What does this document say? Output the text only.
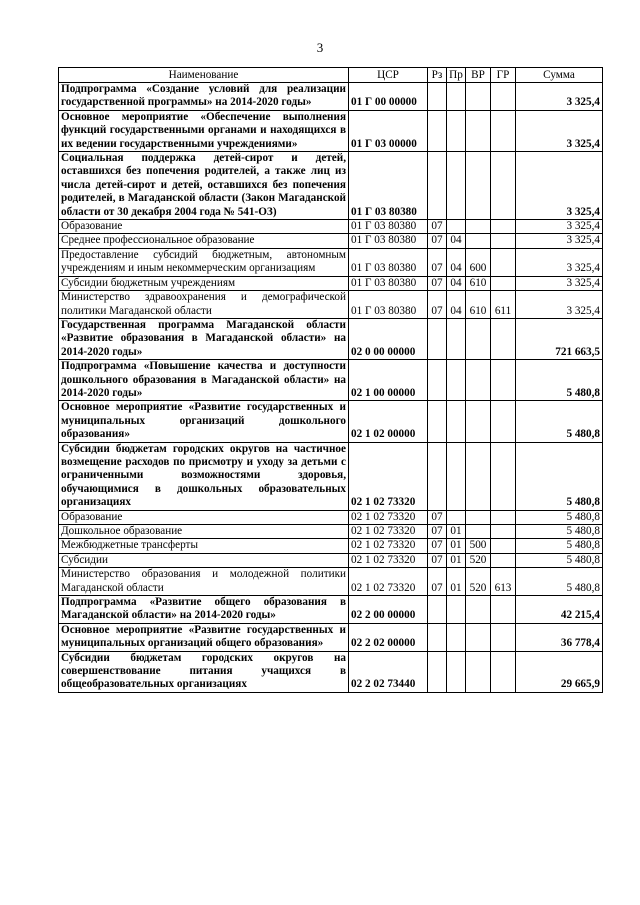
3
Наименование	ЦСР	Рз	Пр	ВР	ГР	Сумма
Подпрограмма «Создание условий для реализации государственной программы» на 2014-2020 годы»	01 Г 00 00000					3 325,4
Основное мероприятие «Обеспечение выполнения функций государственными органами и находящихся в их ведении государственными учреждениями»	01 Г 03 00000					3 325,4
Социальная поддержка детей-сирот и детей, оставшихся без попечения родителей, а также лиц из числа детей-сирот и детей, оставшихся без попечения родителей, в Магаданской области (Закон Магаданской области от 30 декабря 2004 года № 541-ОЗ)	01 Г 03 80380					3 325,4
Образование	01 Г 03 80380	07				3 325,4
Среднее профессиональное образование	01 Г 03 80380	07	04			3 325,4
Предоставление субсидий бюджетным, автономным учреждениям и иным некоммерческим организациям	01 Г 03 80380	07	04	600		3 325,4
Субсидии бюджетным учреждениям	01 Г 03 80380	07	04	610		3 325,4
Министерство здравоохранения и демографической политики Магаданской области	01 Г 03 80380	07	04	610	611	3 325,4
Государственная программа Магаданской области «Развитие образования в Магаданской области» на 2014-2020 годы»	02 0 00 00000					721 663,5
Подпрограмма «Повышение качества и доступности дошкольного образования в Магаданской области» на 2014-2020 годы»	02 1 00 00000					5 480,8
Основное мероприятие «Развитие государственных и муниципальных организаций дошкольного образования»	02 1 02 00000					5 480,8
Субсидии бюджетам городских округов на частичное возмещение расходов по присмотру и уходу за детьми с ограниченными возможностями здоровья, обучающимися в дошкольных образовательных организациях	02 1 02 73320					5 480,8
Образование	02 1 02 73320	07				5 480,8
Дошкольное образование	02 1 02 73320	07	01			5 480,8
Межбюджетные трансферты	02 1 02 73320	07	01	500		5 480,8
Субсидии	02 1 02 73320	07	01	520		5 480,8
Министерство образования и молодежной политики Магаданской области	02 1 02 73320	07	01	520	613	5 480,8
Подпрограмма «Развитие общего образования в Магаданской области» на 2014-2020 годы»	02 2 00 00000					42 215,4
Основное мероприятие «Развитие государственных и муниципальных организаций общего образования»	02 2 02 00000					36 778,4
Субсидии бюджетам городских округов на совершенствование питания учащихся в общеобразовательных организациях	02 2 02 73440					29 665,9
